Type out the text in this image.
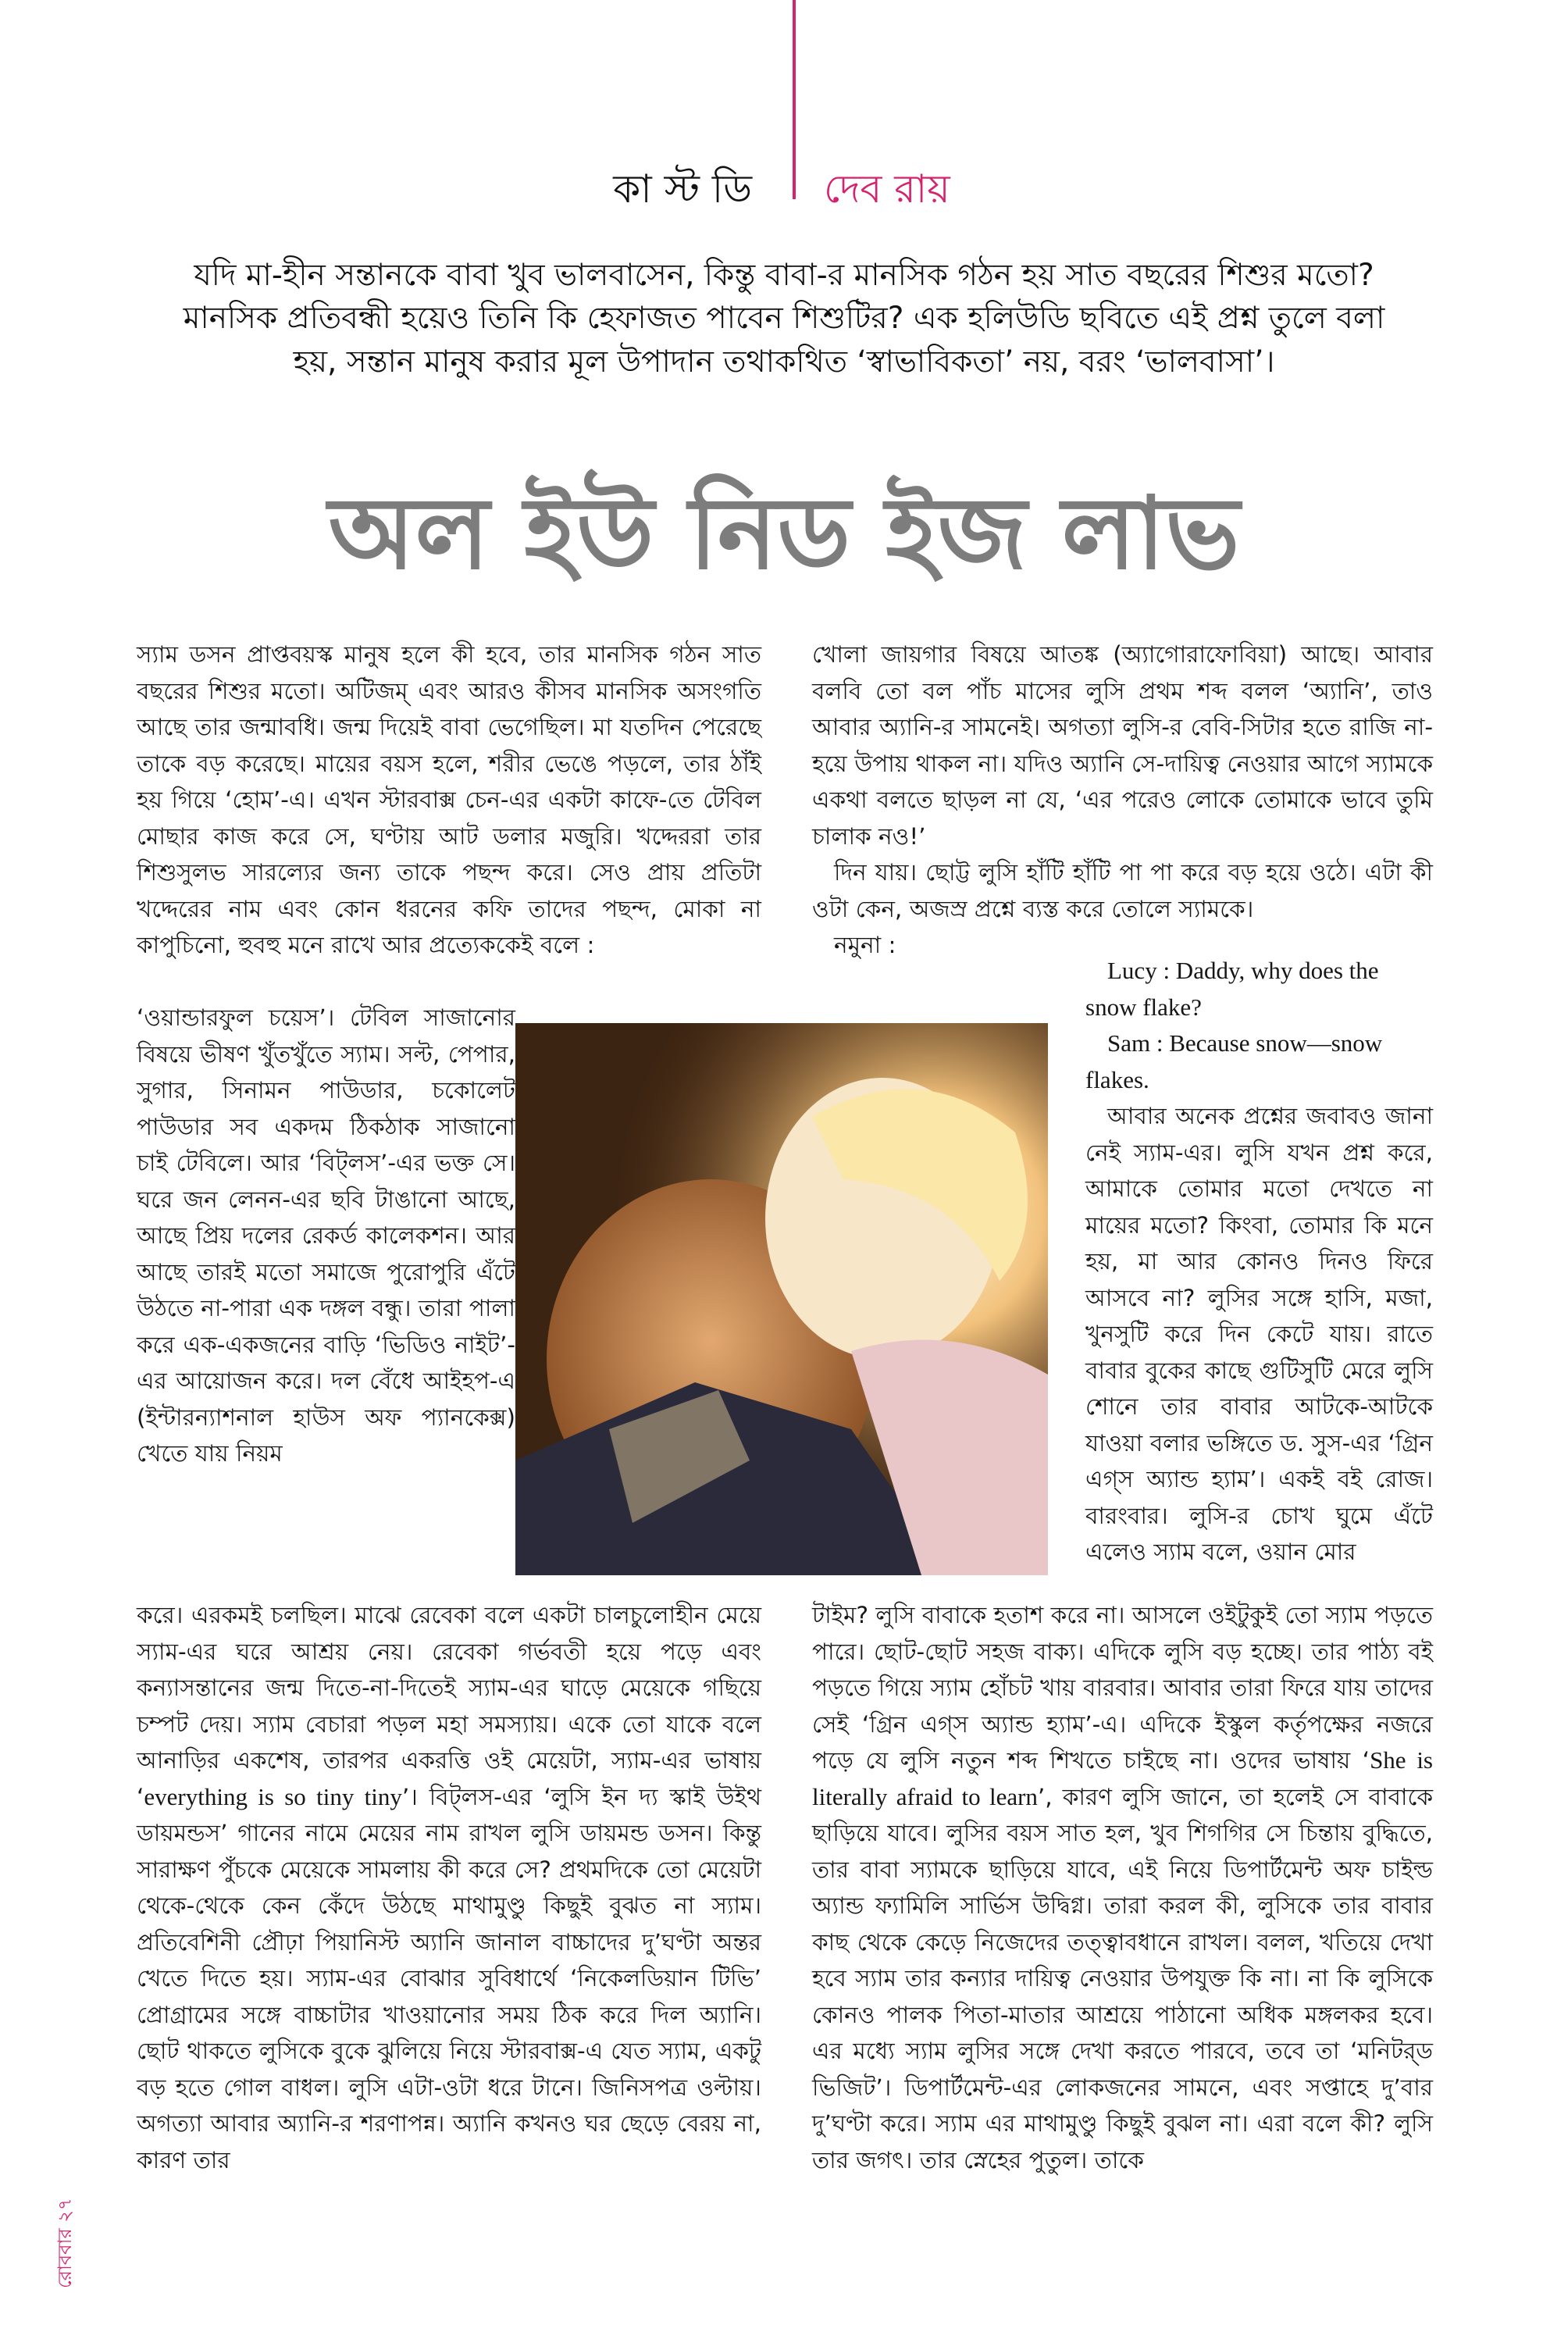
কা স্ট ডি	দেব রায়
যদি মা-হীন সন্তানকে বাবা খুব ভালবাসেন, কিন্তু বাবা-র মানসিক গঠন হয় সাত বছরের শিশুর মতো? মানসিক প্রতিবন্ধী হয়েও তিনি কি হেফাজত পাবেন শিশুটির? এক হলিউডি ছবিতে এই প্রশ্ন তুলে বলা হয়, সন্তান মানুষ করার মূল উপাদান তথাকথিত ‘স্বাভাবিকতা’ নয়, বরং ‘ভালবাসা’।
অল ইউ নিড ইজ লাভ

স্যাম ডসন প্রাপ্তবয়স্ক মানুষ হলে কী হবে, তার মানসিক গঠন সাত বছরের শিশুর মতো। অটিজম্ এবং আরও কীসব মানসিক অসংগতি আছে তার জন্মাবধি। জন্ম দিয়েই বাবা ভেগেছিল। মা যতদিন পেরেছে তাকে বড় করেছে। মায়ের বয়স হলে, শরীর ভেঙে পড়লে, তার ঠাঁই হয় গিয়ে ‘হোম’-এ। এখন স্টারবাক্স চেন-এর একটা কাফে-তে টেবিল মোছার কাজ করে সে, ঘণ্টায় আট ডলার মজুরি। খদ্দেররা তার শিশুসুলভ সারল্যের জন্য তাকে পছন্দ করে। সেও প্রায় প্রতিটা খদ্দেরের নাম এবং কোন ধরনের কফি তাদের পছন্দ, মোকা না কাপুচিনো, হুবহু মনে রাখে আর প্রত্যেককেই বলে :

‘ওয়ান্ডারফুল চয়েস’। টেবিল সাজানোর বিষয়ে ভীষণ খুঁতখুঁতে স্যাম। সল্ট, পেপার, সুগার, সিনামন পাউডার, চকোলেট পাউডার সব একদম ঠিকঠাক সাজানো চাই টেবিলে। আর ‘বিট্‌লস’-এর ভক্ত সে। ঘরে জন লেনন-এর ছবি টাঙানো আছে, আছে প্রিয় দলের রেকর্ড কালেকশন। আর আছে তারই মতো সমাজে পুরোপুরি এঁটে উঠতে না-পারা এক দঙ্গল বন্ধু। তারা পালা করে এক-একজনের বাড়ি ‘ভিডিও নাইট’-এর আয়োজন করে। দল বেঁধে আইহপ-এ (ইন্টারন্যাশনাল হাউস অফ প্যানকেক্স) খেতে যায় নিয়ম

করে। এরকমই চলছিল। মাঝে রেবেকা বলে একটা চালচুলোহীন মেয়ে স্যাম-এর ঘরে আশ্রয় নেয়। রেবেকা গর্ভবতী হয়ে পড়ে এবং কন্যাসন্তানের জন্ম দিতে-না-দিতেই স্যাম-এর ঘাড়ে মেয়েকে গছিয়ে চম্পট দেয়। স্যাম বেচারা পড়ল মহা সমস্যায়। একে তো যাকে বলে আনাড়ির একশেষ, তারপর একরত্তি ওই মেয়েটা, স্যাম-এর ভাষায় ‘everything is so tiny tiny’। বিট্‌লস-এর ‘লুসি ইন দ্য স্কাই উইথ ডায়মন্ডস’ গানের নামে মেয়ের নাম রাখল লুসি ডায়মন্ড ডসন। কিন্তু সারাক্ষণ পুঁচকে মেয়েকে সামলায় কী করে সে? প্রথমদিকে তো মেয়েটা থেকে-থেকে কেন কেঁদে উঠছে মাথামুণ্ডু কিছুই বুঝত না স্যাম। প্রতিবেশিনী প্রৌঢ়া পিয়ানিস্ট অ্যানি জানাল বাচ্চাদের দু’ঘণ্টা অন্তর খেতে দিতে হয়। স্যাম-এর বোঝার সুবিধার্থে ‘নিকেলডিয়ান টিভি’ প্রোগ্রামের সঙ্গে বাচ্চাটার খাওয়ানোর সময় ঠিক করে দিল অ্যানি। ছোট থাকতে লুসিকে বুকে ঝুলিয়ে নিয়ে স্টারবাক্স-এ যেত স্যাম, একটু বড় হতে গোল বাধল। লুসি এটা-ওটা ধরে টানে। জিনিসপত্র ওল্টায়। অগত্যা আবার অ্যানি-র শরণাপন্ন। অ্যানি কখনও ঘর ছেড়ে বেরয় না, কারণ তার

খোলা জায়গার বিষয়ে আতঙ্ক (অ্যাগোরাফোবিয়া) আছে। আবার বলবি তো বল পাঁচ মাসের লুসি প্রথম শব্দ বলল ‘অ্যানি’, তাও আবার অ্যানি-র সামনেই। অগত্যা লুসি-র বেবি-সিটার হতে রাজি না-হয়ে উপায় থাকল না। যদিও অ্যানি সে-দায়িত্ব নেওয়ার আগে স্যামকে একথা বলতে ছাড়ল না যে, ‘এর পরেও লোকে তোমাকে ভাবে তুমি চালাক নও!’

দিন যায়। ছোট্ট লুসি হাঁটি হাঁটি পা পা করে বড় হয়ে ওঠে। এটা কী ওটা কেন, অজস্র প্রশ্নে ব্যস্ত করে তোলে স্যামকে।

নমুনা :

Lucy : Daddy, why does the snow flake?

Sam : Because snow—snow flakes.

আবার অনেক প্রশ্নের জবাবও জানা নেই স্যাম-এর। লুসি যখন প্রশ্ন করে, আমাকে তোমার মতো দেখতে না মায়ের মতো? কিংবা, তোমার কি মনে হয়, মা আর কোনও দিনও ফিরে আসবে না? লুসির সঙ্গে হাসি, মজা, খুনসুটি করে দিন কেটে যায়। রাতে বাবার বুকের কাছে গুটিসুটি মেরে লুসি শোনে তার বাবার আটকে-আটকে যাওয়া বলার ভঙ্গিতে ড. সুস-এর ‘গ্রিন এগ্‌স অ্যান্ড হ্যাম’। একই বই রোজ। বারংবার। লুসি-র চোখ ঘুমে এঁটে এলেও স্যাম বলে, ওয়ান মোর

টাইম? লুসি বাবাকে হতাশ করে না। আসলে ওইটুকুই তো স্যাম পড়তে পারে। ছোট-ছোট সহজ বাক্য। এদিকে লুসি বড় হচ্ছে। তার পাঠ্য বই পড়তে গিয়ে স্যাম হোঁচট খায় বারবার। আবার তারা ফিরে যায় তাদের সেই ‘গ্রিন এগ্‌স অ্যান্ড হ্যাম’-এ। এদিকে ইস্কুল কর্তৃপক্ষের নজরে পড়ে যে লুসি নতুন শব্দ শিখতে চাইছে না। ওদের ভাষায় ‘She is literally afraid to learn’, কারণ লুসি জানে, তা হলেই সে বাবাকে ছাড়িয়ে যাবে। লুসির বয়স সাত হল, খুব শিগগির সে চিন্তায় বুদ্ধিতে, তার বাবা স্যামকে ছাড়িয়ে যাবে, এই নিয়ে ডিপার্টমেন্ট অফ চাইল্ড অ্যান্ড ফ্যামিলি সার্ভিস উদ্বিগ্ন। তারা করল কী, লুসিকে তার বাবার কাছ থেকে কেড়ে নিজেদের তত্ত্বাবধানে রাখল। বলল, খতিয়ে দেখা হবে স্যাম তার কন্যার দায়িত্ব নেওয়ার উপযুক্ত কি না। না কি লুসিকে কোনও পালক পিতা-মাতার আশ্রয়ে পাঠানো অধিক মঙ্গলকর হবে। এর মধ্যে স্যাম লুসির সঙ্গে দেখা করতে পারবে, তবে তা ‘মনিটর্‌ড ভিজিট’। ডিপার্টমেন্ট-এর লোকজনের সামনে, এবং সপ্তাহে দু’বার দু’ঘণ্টা করে। স্যাম এর মাথামুণ্ডু কিছুই বুঝল না। এরা বলে কী? লুসি তার জগৎ। তার স্নেহের পুতুল। তাকে

রোববার ২৭
